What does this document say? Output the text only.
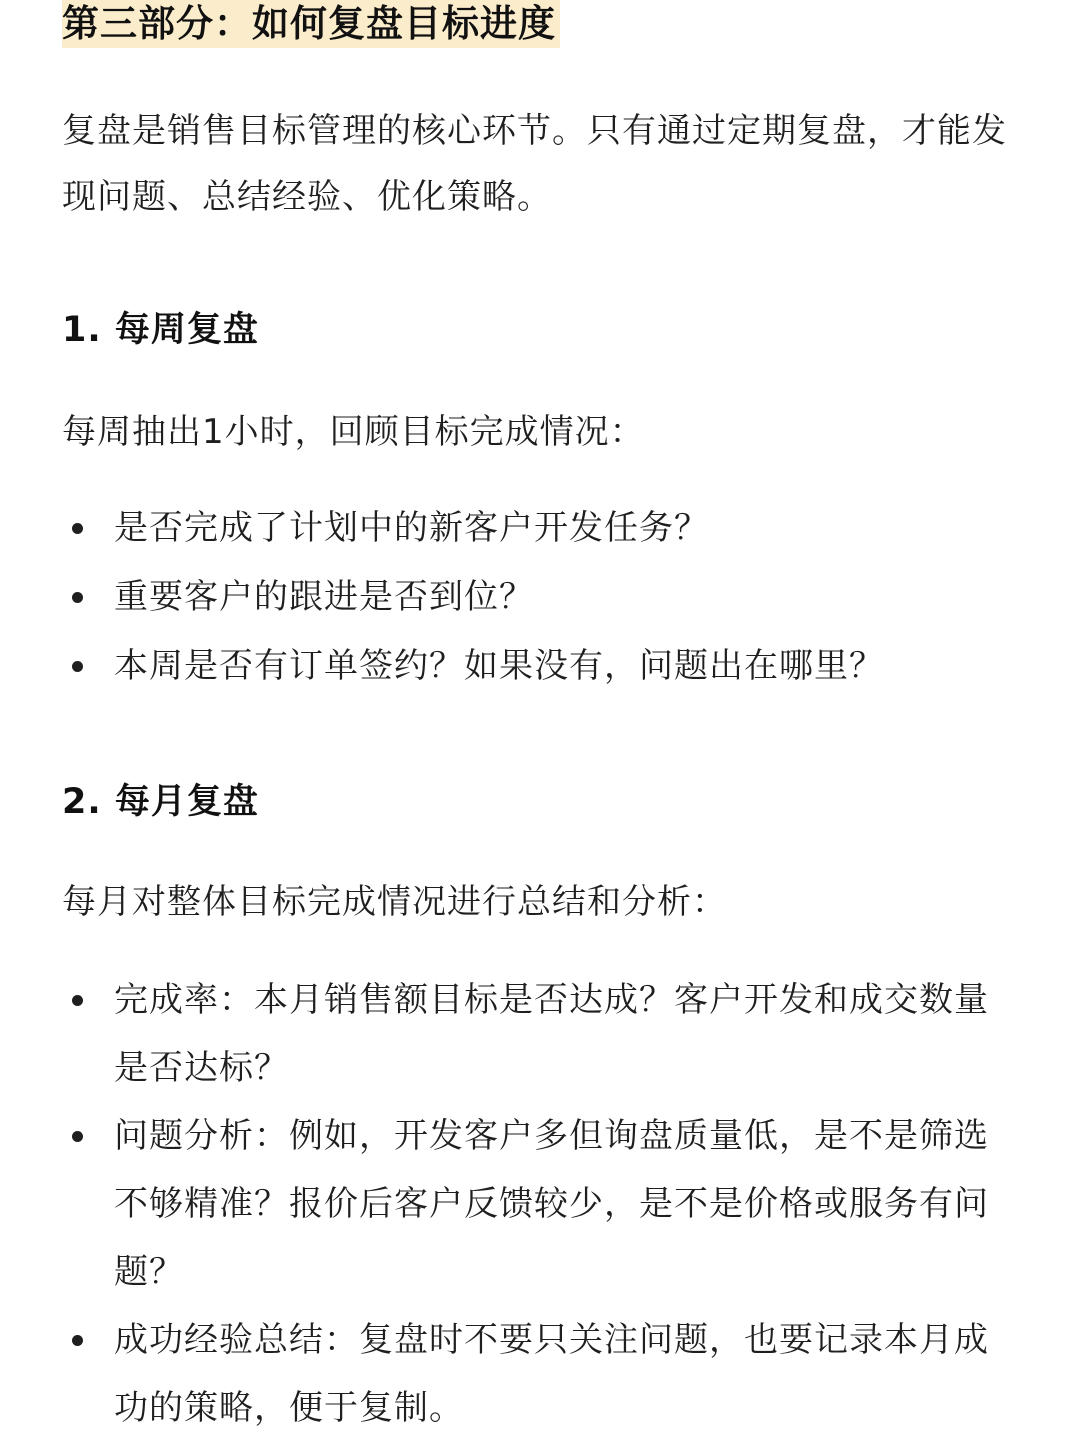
第三部分：如何复盘目标进度

复盘是销售目标管理的核心环节。只有通过定期复盘，才能发现问题、总结经验、优化策略。

1. 每周复盘

每周抽出1小时，回顾目标完成情况：

是否完成了计划中的新客户开发任务？
重要客户的跟进是否到位？
本周是否有订单签约？如果没有，问题出在哪里？
2. 每月复盘

每月对整体目标完成情况进行总结和分析：

完成率：本月销售额目标是否达成？客户开发和成交数量是否达标？
问题分析：例如，开发客户多但询盘质量低，是不是筛选不够精准？报价后客户反馈较少，是不是价格或服务有问题？
成功经验总结：复盘时不要只关注问题，也要记录本月成功的策略，便于复制。
